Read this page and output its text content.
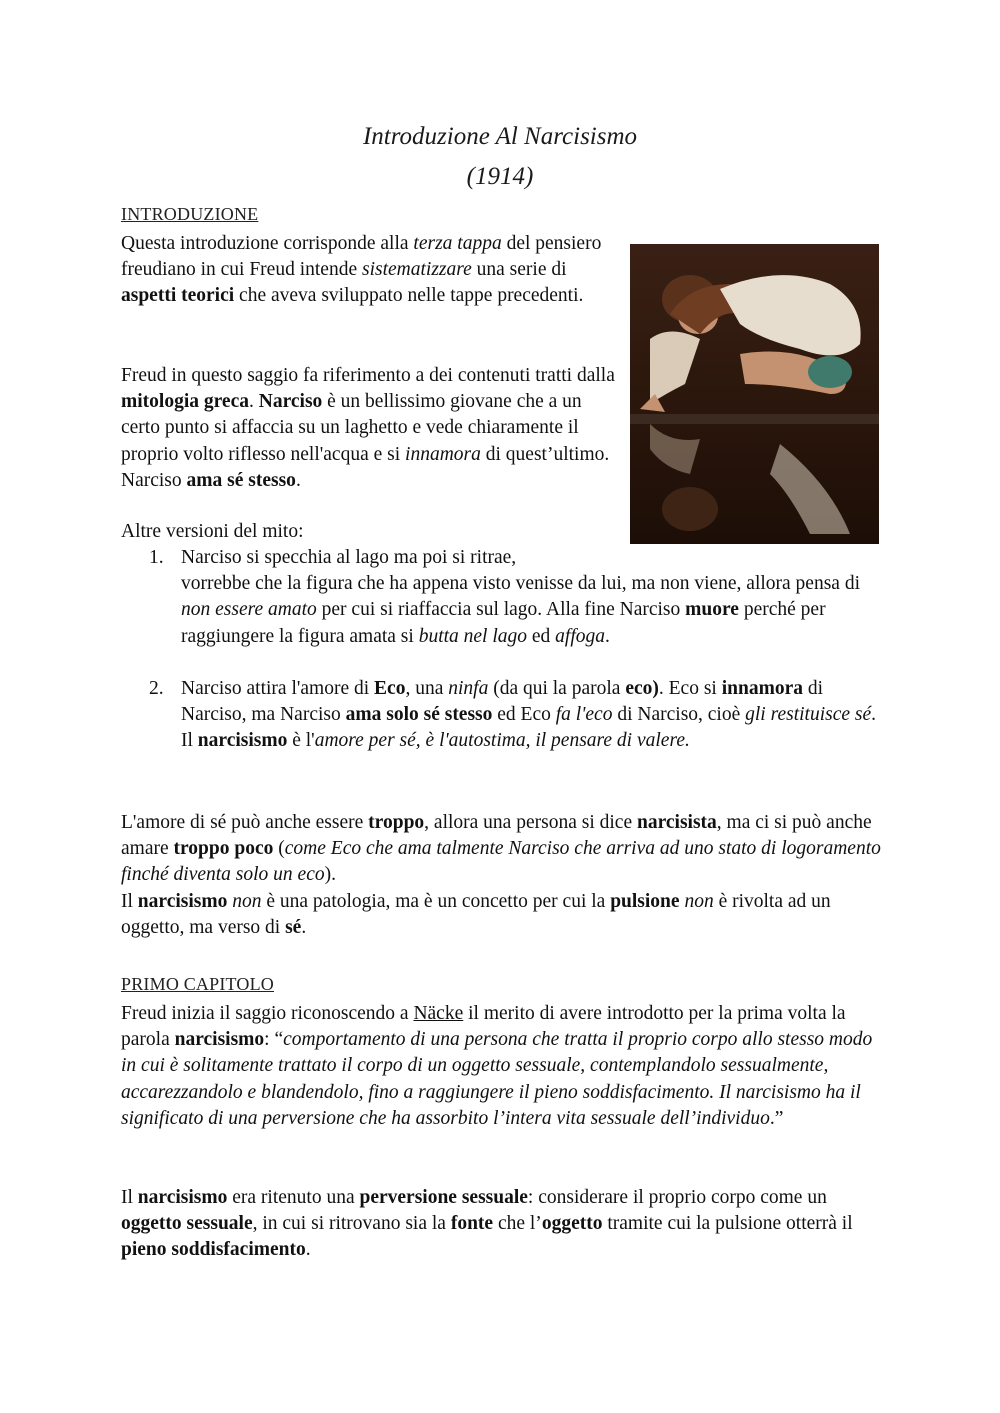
Introduzione Al Narcisismo
(1914)
INTRODUZIONE
Questa introduzione corrisponde alla terza tappa del pensiero freudiano in cui Freud intende sistematizzare una serie di aspetti teorici che aveva sviluppato nelle tappe precedenti.
Freud in questo saggio fa riferimento a dei contenuti tratti dalla mitologia greca. Narciso è un bellissimo giovane che a un certo punto si affaccia su un laghetto e vede chiaramente il proprio volto riflesso nell'acqua e si innamora di quest’ultimo. Narciso ama sé stesso.
Altre versioni del mito:
1. Narciso si specchia al lago ma poi si ritrae,
vorrebbe che la figura che ha appena visto venisse da lui, ma non viene, allora pensa di non essere amato per cui si riaffaccia sul lago. Alla fine Narciso muore perché per raggiungere la figura amata si butta nel lago ed affoga.
2. Narciso attira l'amore di Eco, una ninfa (da qui la parola eco). Eco si innamora di Narciso, ma Narciso ama solo sé stesso ed Eco fa l'eco di Narciso, cioè gli restituisce sé. Il narcisismo è l'amore per sé, è l'autostima, il pensare di valere.
L'amore di sé può anche essere troppo, allora una persona si dice narcisista, ma ci si può anche amare troppo poco (come Eco che ama talmente Narciso che arriva ad uno stato di logoramento finché diventa solo un eco).
Il narcisismo non è una patologia, ma è un concetto per cui la pulsione non è rivolta ad un oggetto, ma verso di sé.
PRIMO CAPITOLO
Freud inizia il saggio riconoscendo a Näcke il merito di avere introdotto per la prima volta la parola narcisismo: “comportamento di una persona che tratta il proprio corpo allo stesso modo in cui è solitamente trattato il corpo di un oggetto sessuale, contemplandolo sessualmente, accarezzandolo e blandendolo, fino a raggiungere il pieno soddisfacimento. Il narcisismo ha il significato di una perversione che ha assorbito l’intera vita sessuale dell’individuo.”
Il narcisismo era ritenuto una perversione sessuale: considerare il proprio corpo come un oggetto sessuale, in cui si ritrovano sia la fonte che l’oggetto tramite cui la pulsione otterrà il pieno soddisfacimento.
